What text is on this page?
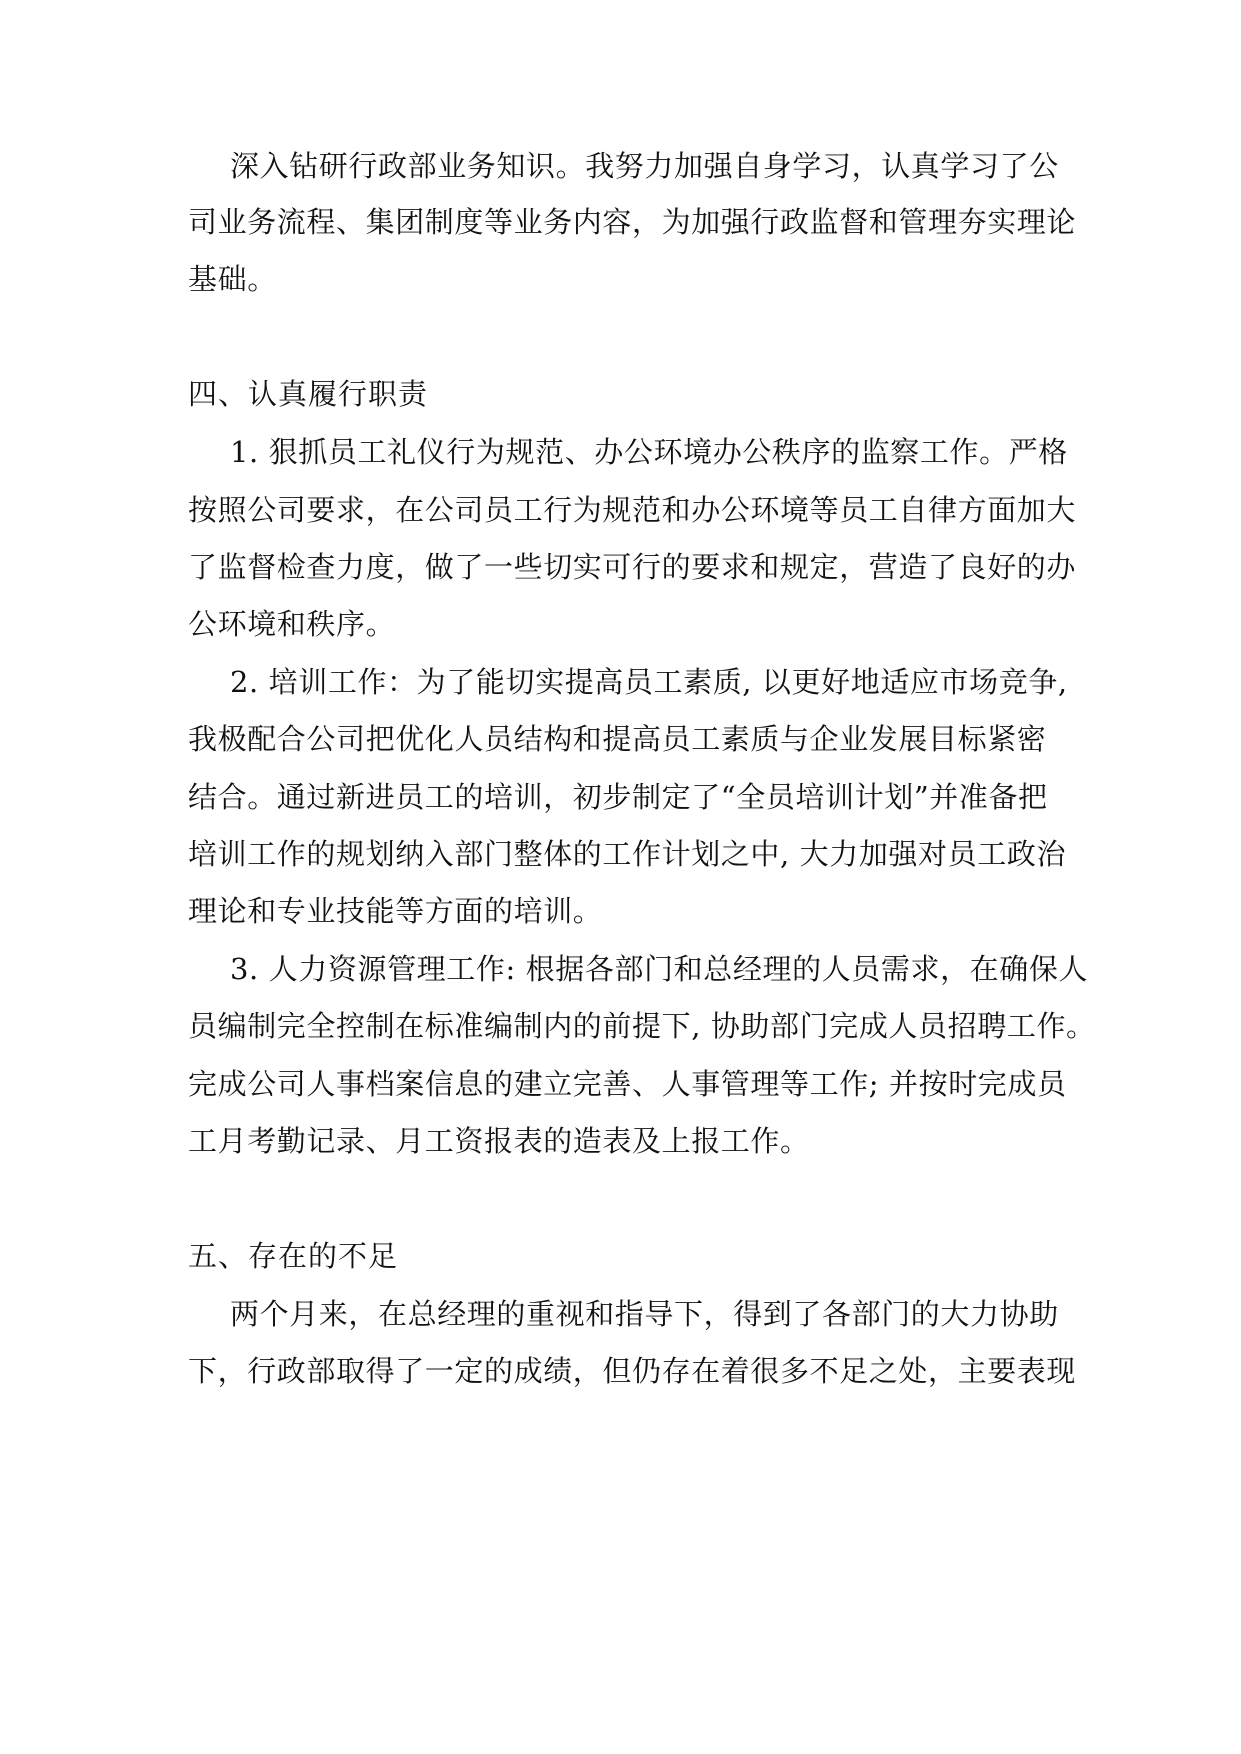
深入钻研行政部业务知识。我努力加强自身学习，认真学习了公
司业务流程、集团制度等业务内容，为加强行政监督和管理夯实理论
基础。
四、认真履行职责
1. 狠抓员工礼仪行为规范、办公环境办公秩序的监察工作。严格
按照公司要求，在公司员工行为规范和办公环境等员工自律方面加大
了监督检查力度，做了一些切实可行的要求和规定，营造了良好的办
公环境和秩序。
2. 培训工作：为了能切实提高员工素质, 以更好地适应市场竞争,
我极配合公司把优化人员结构和提高员工素质与企业发展目标紧密
结合。通过新进员工的培训，初步制定了“全员培训计划”并准备把
培训工作的规划纳入部门整体的工作计划之中, 大力加强对员工政治
理论和专业技能等方面的培训。
3. 人力资源管理工作: 根据各部门和总经理的人员需求，在确保人
员编制完全控制在标准编制内的前提下, 协助部门完成人员招聘工作。
完成公司人事档案信息的建立完善、人事管理等工作; 并按时完成员
工月考勤记录、月工资报表的造表及上报工作。
五、存在的不足
两个月来，在总经理的重视和指导下，得到了各部门的大力协助
下，行政部取得了一定的成绩，但仍存在着很多不足之处，主要表现
